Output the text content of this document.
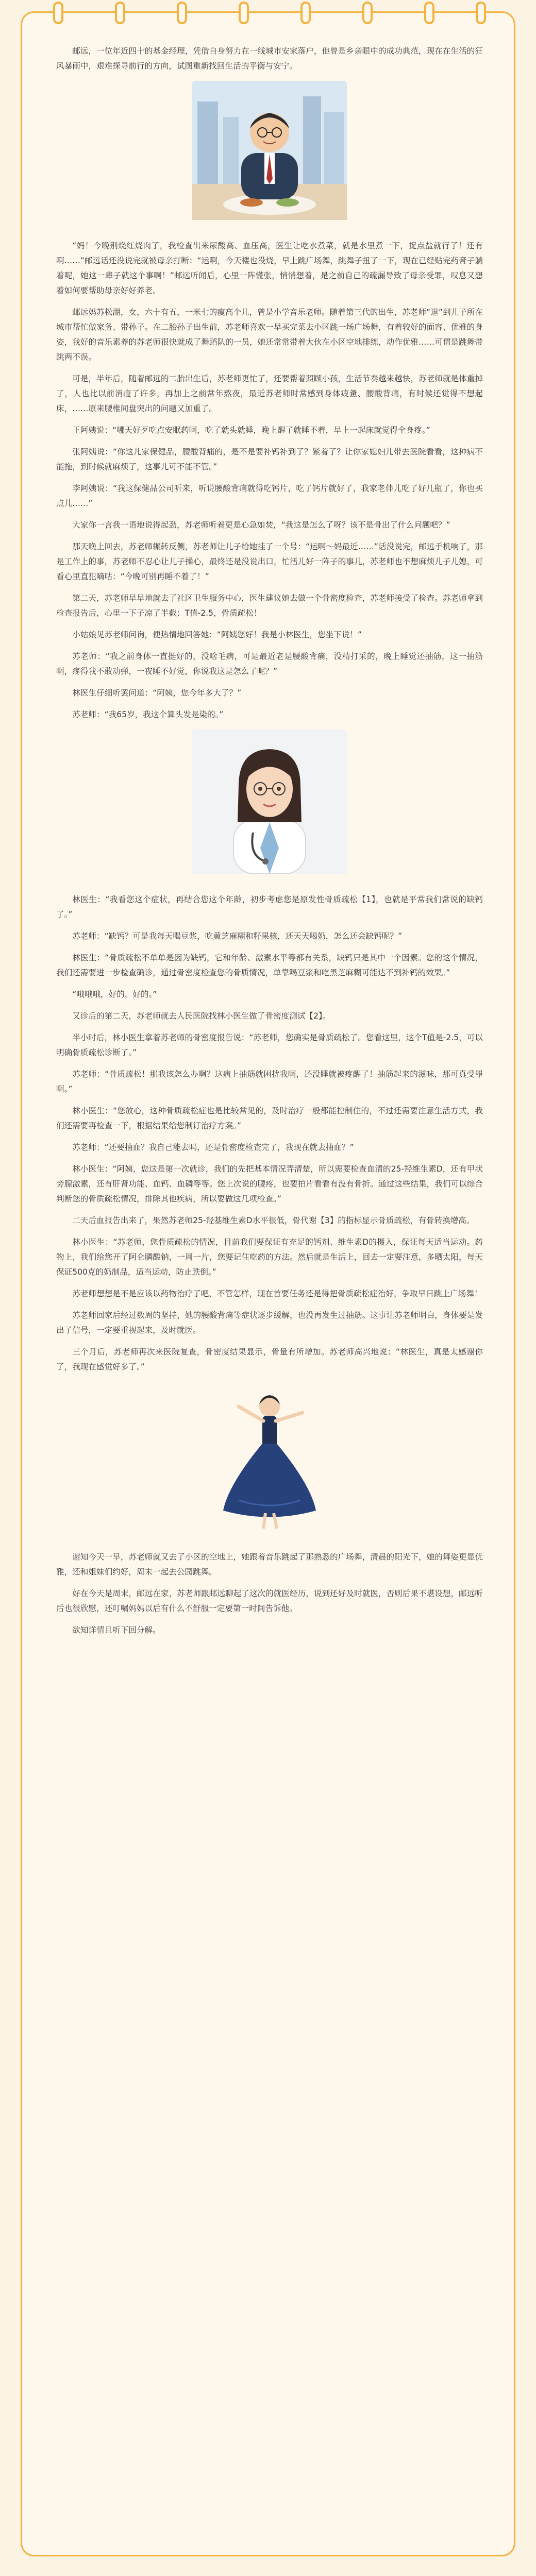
邮远，一位年近四十的基金经理，凭借自身努力在一线城市安家落户，他曾是乡亲眼中的成功典范，现在在生活的狂风暴雨中，艰难探寻前行的方向，试图重新找回生活的平衡与安宁。

“妈！今晚别烧红烧肉了，我检查出来尿酸高、血压高，医生让吃水煮菜，就是水里煮一下，捉点盐就行了！还有啊……”邮远话还没说完就被母亲打断：“运啊，今天楼也没烧，早上跳广场舞，跳舞子扭了一下，现在已经贴完药膏子躺着呢，她这一辈子就这个事啊！”邮远听闻后，心里一阵慌张，悄悄想着，是之前自己的疏漏导致了母亲受罪，叹息又想着如何要帮助母亲好好养老。

邮远妈苏松湖，女，六十有五，一米七的瘦高个儿，曾是小学音乐老师。随着第三代的出生，苏老师“退”到儿子所在城市帮忙做家务、带孙子。在二胎孙子出生前，苏老师喜欢一早买完菜去小区跳一场广场舞，有着较好的面容、优雅的身姿，我好的音乐素养的苏老师很快就成了舞蹈队的一员，她还常常带着大伙在小区空地排练，动作优雅……可谓是跳舞带跳两不误。

可是，半年后，随着邮远的二胎出生后，苏老师更忙了，还要帮着照顾小孩，生活节奏越来越快，苏老师就是体重掉了，人也比以前消瘦了许多，再加上之前常年熬夜，最近苏老师时常感到身体疲惫、腰酸背痛，有时候还觉得不想起床，……原来腰椎间盘突出的问题又加重了。

王阿姨说：“哪天好歹吃点安眠药啊，吃了就头就睡，晚上醒了就睡不着，早上一起床就觉得全身疼。”

张阿姨说：“你这儿家保健品，腰酸背痛的，是不是要补钙补到了？紧着了？让你家媳妇儿带去医院看看，这种病不能拖，到时候就麻烦了，这事儿可不能不管。”

李阿姨说：“我这保健品公司听来，听说腰酸背痛就得吃钙片，吃了钙片就好了，我家老伴儿吃了好几瓶了，你也买点儿……”

大家你一言我一语地说得起劲，苏老师听着更是心急如焚，“我这是怎么了呀？该不是骨出了什么问题吧？”

那天晚上回去，苏老师辗转反侧，苏老师让儿子给她挂了一个号：“运啊～妈最近……”话没说完，邮远手机响了，那是工作上的事，苏老师不忍心让儿子操心，最终还是没说出口，忙活儿好一阵子的事儿，苏老师也不想麻烦儿子儿媳，可看心里直犯嘀咕：“今晚可别再睡不着了！”

第二天，苏老师早早地就去了社区卫生服务中心，医生建议她去做一个骨密度检查，苏老师接受了检查。苏老师拿到检查报告后，心里一下子凉了半截：T值-2.5，骨质疏松！

小姑娘见苏老师问询，便热情地回答她：“阿姨您好！我是小林医生，您坐下说！”

苏老师：“我之前身体一直挺好的，没啥毛病，可是最近老是腰酸背痛，没精打采的，晚上睡觉还抽筋，这一抽筋啊，疼得我不敢动弹，一夜睡不好觉，你说我这是怎么了呢？”

林医生仔细听罢问道：“阿姨，您今年多大了？”

苏老师：“我65岁，我这个算头发是染的。”

林医生：“我看您这个症状，再结合您这个年龄，初步考虑您是原发性骨质疏松【1】，也就是平常我们常说的缺钙了。”

苏老师：“缺钙？可是我每天喝豆浆，吃黄芝麻糊和籽果核，还天天喝奶，怎么还会缺钙呢？”

林医生：“骨质疏松不单单是因为缺钙，它和年龄、激素水平等都有关系，缺钙只是其中一个因素。您的这个情况，我们还需要进一步检查确诊，通过骨密度检查您的骨质情况，单靠喝豆浆和吃黑芝麻糊可能达不到补钙的效果。”

“哦哦哦，好的，好的。”

又诊后的第二天，苏老师就去人民医院找林小医生做了骨密度测试【2】。

半小时后，林小医生拿着苏老师的骨密度报告说：“苏老师，您确实是骨质疏松了。您看这里，这个T值是-2.5，可以明确骨质疏松诊断了。”

苏老师：“骨质疏松！那我该怎么办啊？这病上抽筋就困扰我啊，还没睡就被疼醒了！抽筋起来的滋味，那可真受罪啊。”

林小医生：“您放心，这种骨质疏松症也是比较常见的，及时治疗一般都能控制住的，不过还需要注意生活方式，我们还需要再检查一下，根据结果给您制订治疗方案。”

苏老师：“还要抽血？我自己能去吗，还是骨密度检查完了，我现在就去抽血？”

林小医生：“阿姨，您这是第一次就诊，我们的先把基本情况弄清楚，所以需要检查血清的25-羟维生素D，还有甲状旁腺激素，还有肝肾功能、血钙、血磷等等。您上次说的腰疼，也要拍片看看有没有骨折。通过这些结果，我们可以综合判断您的骨质疏松情况，排除其他疾病，所以要做这几项检查。”

二天后血报告出来了，果然苏老师25-羟基维生素D水平很低，骨代谢【3】的指标显示骨质疏松，有骨转换增高。

林小医生：“苏老师，您骨质疏松的情况，目前我们要保证有充足的钙剂、维生素D的摄入，保证每天适当运动。药物上，我们给您开了阿仑膦酸钠，一周一片，您要记住吃药的方法。然后就是生活上，回去一定要注意，多晒太阳，每天保证500克的奶制品，适当运动，防止跌倒。”

苏老师想想是不是应该以药物治疗了吧，不管怎样，现在首要任务还是得把骨质疏松症治好，争取早日跳上广场舞！

苏老师回家后经过数周的坚持，她的腰酸背痛等症状逐步缓解，也没再发生过抽筋。这事让苏老师明白，身体要是发出了信号，一定要重视起来，及时就医。

三个月后，苏老师再次来医院复查，骨密度结果显示，骨量有所增加。苏老师高兴地说：“林医生，真是太感谢你了，我现在感觉好多了。”

谢知今天一早，苏老师就又去了小区的空地上，她跟着音乐跳起了那熟悉的广场舞，清晨的阳光下，她的舞姿更显优雅，还和姐妹们约好，周末一起去公园跳舞。

好在今天是周末，邮远在家，苏老师跟邮远聊起了这次的就医经历，说到还好及时就医，否则后果不堪设想，邮远听后也很欣慰，还叮嘱妈妈以后有什么不舒服一定要第一时间告诉他。

欲知详情且听下回分解。
